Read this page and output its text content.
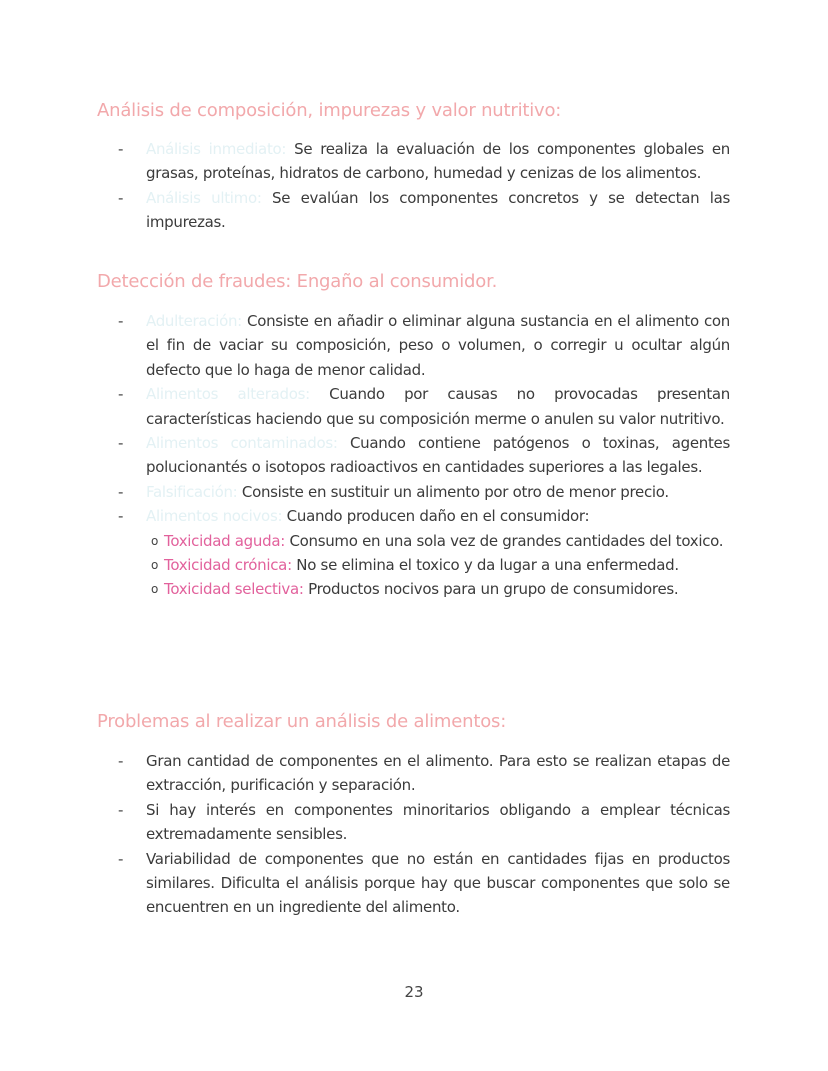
Análisis de composición, impurezas y valor nutritivo:
- Análisis inmediato: Se realiza la evaluación de los componentes globales en grasas, proteínas, hidratos de carbono, humedad y cenizas de los alimentos.
- Análisis ultimo: Se evalúan los componentes concretos y se detectan las impurezas.
Detección de fraudes: Engaño al consumidor.
- Adulteración: Consiste en añadir o eliminar alguna sustancia en el alimento con el fin de vaciar su composición, peso o volumen, o corregir u ocultar algún defecto que lo haga de menor calidad.
- Alimentos alterados: Cuando por causas no provocadas presentan características haciendo que su composición merme o anulen su valor nutritivo.
- Alimentos contaminados: Cuando contiene patógenos o toxinas, agentes polucionantés o isotopos radioactivos en cantidades superiores a las legales.
- Falsificación: Consiste en sustituir un alimento por otro de menor precio.
- Alimentos nocivos: Cuando producen daño en el consumidor:
o Toxicidad aguda: Consumo en una sola vez de grandes cantidades del toxico.
o Toxicidad crónica: No se elimina el toxico y da lugar a una enfermedad.
o Toxicidad selectiva: Productos nocivos para un grupo de consumidores.
Problemas al realizar un análisis de alimentos:
- Gran cantidad de componentes en el alimento. Para esto se realizan etapas de extracción, purificación y separación.
- Si hay interés en componentes minoritarios obligando a emplear técnicas extremadamente sensibles.
- Variabilidad de componentes que no están en cantidades fijas en productos similares. Dificulta el análisis porque hay que buscar componentes que solo se encuentren en un ingrediente del alimento.
23
